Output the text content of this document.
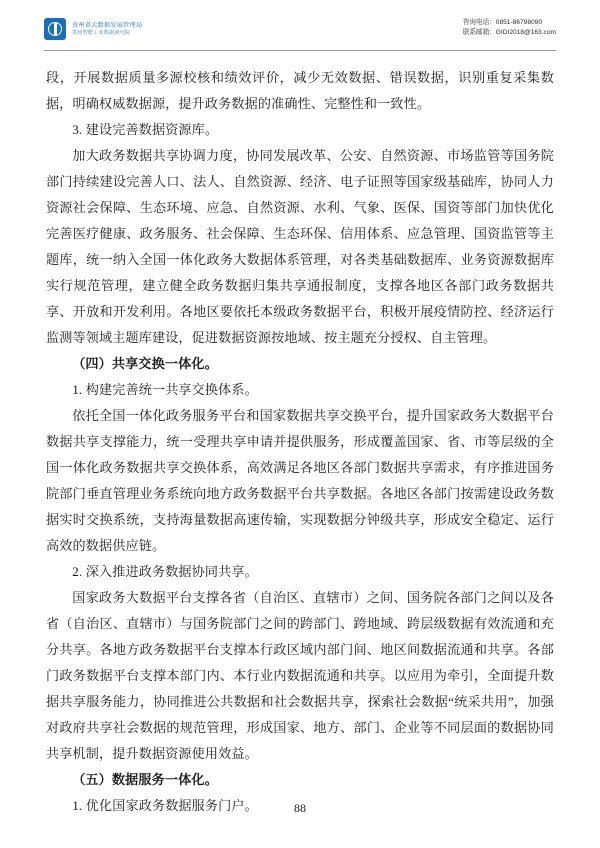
贵州省大数据发展管理局
贵州智能工业数据研究院
咨询电话：0851-86798090
联系邮箱：GIDI2018@163.com

段，开展数据质量多源校核和绩效评价，减少无效数据、错误数据，识别重复采集数据，明确权威数据源，提升政务数据的准确性、完整性和一致性。

3. 建设完善数据资源库。

加大政务数据共享协调力度，协同发展改革、公安、自然资源、市场监管等国务院部门持续建设完善人口、法人、自然资源、经济、电子证照等国家级基础库，协同人力资源社会保障、生态环境、应急、自然资源、水利、气象、医保、国资等部门加快优化完善医疗健康、政务服务、社会保障、生态环保、信用体系、应急管理、国资监管等主题库，统一纳入全国一体化政务大数据体系管理，对各类基础数据库、业务资源数据库实行规范管理，建立健全政务数据归集共享通报制度，支撑各地区各部门政务数据共享、开放和开发利用。各地区要依托本级政务数据平台，积极开展疫情防控、经济运行监测等领域主题库建设，促进数据资源按地域、按主题充分授权、自主管理。

（四）共享交换一体化。

1. 构建完善统一共享交换体系。

依托全国一体化政务服务平台和国家数据共享交换平台，提升国家政务大数据平台数据共享支撑能力，统一受理共享申请并提供服务，形成覆盖国家、省、市等层级的全国一体化政务数据共享交换体系，高效满足各地区各部门数据共享需求，有序推进国务院部门垂直管理业务系统向地方政务数据平台共享数据。各地区各部门按需建设政务数据实时交换系统，支持海量数据高速传输，实现数据分钟级共享，形成安全稳定、运行高效的数据供应链。

2. 深入推进政务数据协同共享。

国家政务大数据平台支撑各省（自治区、直辖市）之间、国务院各部门之间以及各省（自治区、直辖市）与国务院部门之间的跨部门、跨地域、跨层级数据有效流通和充分共享。各地方政务数据平台支撑本行政区域内部门间、地区间数据流通和共享。各部门政务数据平台支撑本部门内、本行业内数据流通和共享。以应用为牵引，全面提升数据共享服务能力，协同推进公共数据和社会数据共享，探索社会数据“统采共用”，加强对政府共享社会数据的规范管理，形成国家、地方、部门、企业等不同层面的数据协同共享机制，提升数据资源使用效益。

（五）数据服务一体化。

1. 优化国家政务数据服务门户。	88
